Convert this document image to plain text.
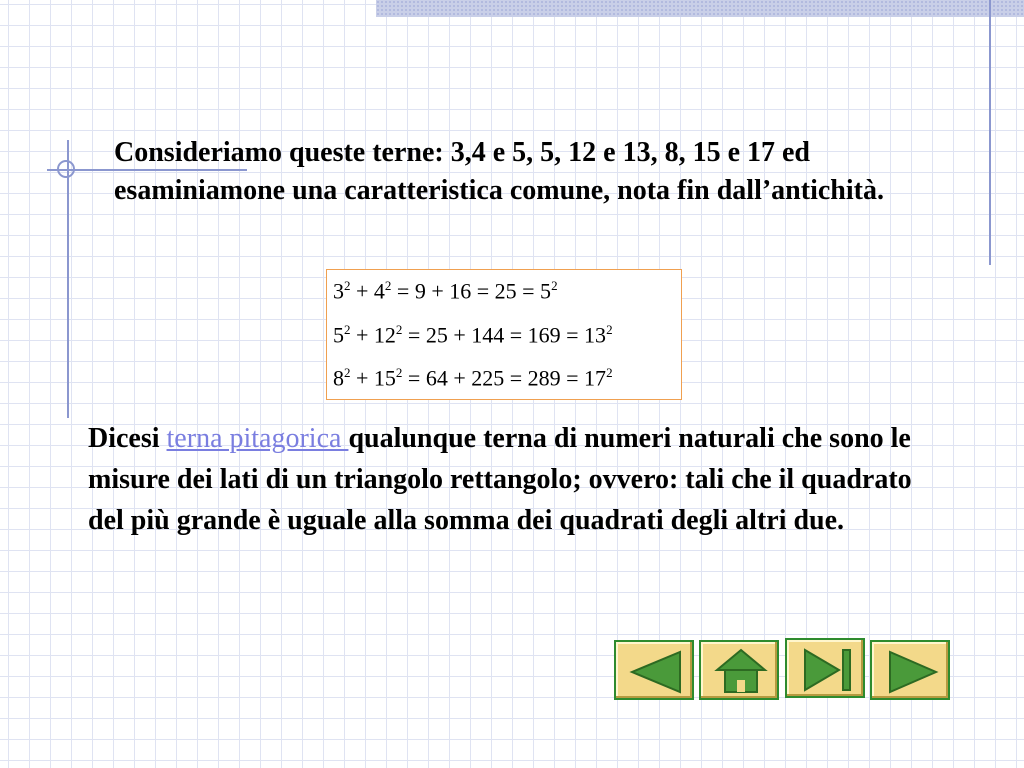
Consideriamo queste terne: 3,4 e 5, 5, 12 e 13, 8, 15 e 17 ed esaminiamone una caratteristica comune, nota fin dall’antichità.
$3^2 + 4^2 = 9 + 16 = 25 = 5^2$
$5^2 + 12^2 = 25 + 144 = 169 = 13^2$
$8^2 + 15^2 = 64 + 225 = 289 = 17^2$
Dicesi terna pitagorica qualunque terna di numeri naturali che sono le misure dei lati di un triangolo rettangolo; ovvero: tali che il quadrato del più grande è uguale alla somma dei quadrati degli altri due.
